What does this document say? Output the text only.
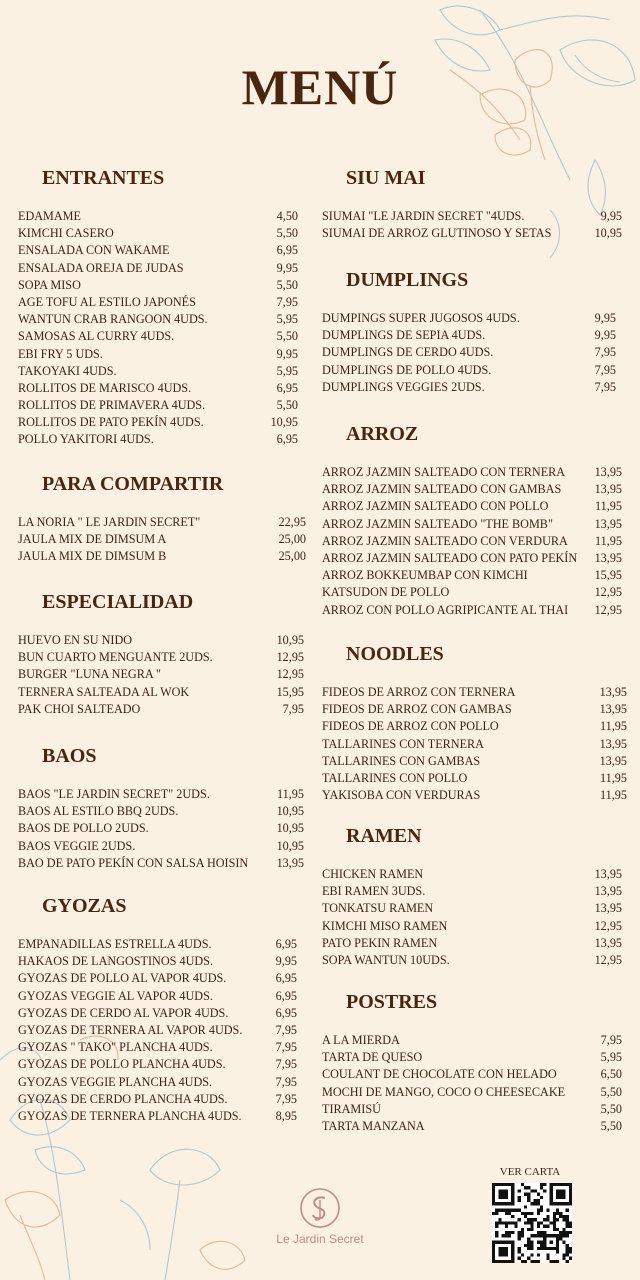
MENÚ
ENTRANTES
EDAMAME	4,50
KIMCHI CASERO	5,50
ENSALADA CON WAKAME	6,95
ENSALADA OREJA DE JUDAS	9,95
SOPA MISO	5,50
AGE TOFU AL ESTILO JAPONÉS	7,95
WANTUN CRAB RANGOON 4UDS.	5,95
SAMOSAS AL CURRY 4UDS.	5,50
EBI FRY 5 UDS.	9,95
TAKOYAKI 4UDS.	5,95
ROLLITOS DE MARISCO 4UDS.	6,95
ROLLITOS DE PRIMAVERA 4UDS.	5,50
ROLLITOS DE PATO PEKÍN 4UDS.	10,95
POLLO YAKITORI 4UDS.	6,95
PARA COMPARTIR
LA NORIA " LE JARDIN SECRET"	22,95
JAULA MIX DE DIMSUM A	25,00
JAULA MIX DE DIMSUM B	25,00
ESPECIALIDAD
HUEVO EN SU NIDO	10,95
BUN CUARTO MENGUANTE 2UDS.	12,95
BURGER "LUNA NEGRA "	12,95
TERNERA SALTEADA AL WOK	15,95
PAK CHOI SALTEADO	7,95
BAOS
BAOS "LE JARDIN SECRET" 2UDS.	11,95
BAOS AL ESTILO BBQ 2UDS.	10,95
BAOS DE POLLO 2UDS.	10,95
BAOS VEGGIE 2UDS.	10,95
BAO DE PATO PEKÍN CON SALSA HOISIN 13,95
GYOZAS
EMPANADILLAS ESTRELLA 4UDS.	6,95
HAKAOS DE LANGOSTINOS 4UDS.	9,95
GYOZAS DE POLLO AL VAPOR 4UDS.	6,95
GYOZAS VEGGIE AL VAPOR 4UDS.	6,95
GYOZAS DE CERDO AL VAPOR 4UDS.	6,95
GYOZAS DE TERNERA AL VAPOR 4UDS.	7,95
GYOZAS " TAKO" PLANCHA 4UDS.	7,95
GYOZAS DE POLLO PLANCHA 4UDS.	7,95
GYOZAS VEGGIE PLANCHA 4UDS.	7,95
GYOZAS DE CERDO PLANCHA 4UDS.	7,95
GYOZAS DE TERNERA PLANCHA 4UDS.	8,95
SIU MAI
SIUMAI "LE JARDIN SECRET "4UDS.	9,95
SIUMAI DE ARROZ GLUTINOSO Y SETAS	10,95
DUMPLINGS
DUMPINGS SUPER JUGOSOS 4UDS.	9,95
DUMPLINGS DE SEPIA 4UDS.	9,95
DUMPLINGS DE CERDO 4UDS.	7,95
DUMPLINGS DE POLLO 4UDS.	7,95
DUMPLINGS VEGGIES 2UDS.	7,95
ARROZ
ARROZ JAZMIN SALTEADO CON TERNERA 13,95
ARROZ JAZMIN SALTEADO CON GAMBAS	13,95
ARROZ JAZMIN SALTEADO CON POLLO	11,95
ARROZ JAZMIN SALTEADO "THE BOMB"	13,95
ARROZ JAZMIN SALTEADO CON VERDURA 11,95
ARROZ JAZMIN SALTEADO CON PATO PEKÍN 13,95
ARROZ BOKKEUMBAP CON KIMCHI	15,95
KATSUDON DE POLLO	12,95
ARROZ CON POLLO AGRIPICANTE AL THAI 12,95
NOODLES
FIDEOS DE ARROZ CON TERNERA	13,95
FIDEOS DE ARROZ CON GAMBAS	13,95
FIDEOS DE ARROZ CON POLLO	11,95
TALLARINES CON TERNERA	13,95
TALLARINES CON GAMBAS	13,95
TALLARINES CON POLLO	11,95
YAKISOBA CON VERDURAS	11,95
RAMEN
CHICKEN RAMEN	13,95
EBI RAMEN 3UDS.	13,95
TONKATSU RAMEN	13,95
KIMCHI MISO RAMEN	12,95
PATO PEKIN RAMEN	13,95
SOPA WANTUN 10UDS.	12,95
POSTRES
A LA MIERDA	7,95
TARTA DE QUESO	5,95
COULANT DE CHOCOLATE CON HELADO	6,50
MOCHI DE MANGO, COCO O CHEESECAKE	5,50
TIRAMISÚ	5,50
TARTA MANZANA	5,50
Le Jardin Secret
VER CARTA
